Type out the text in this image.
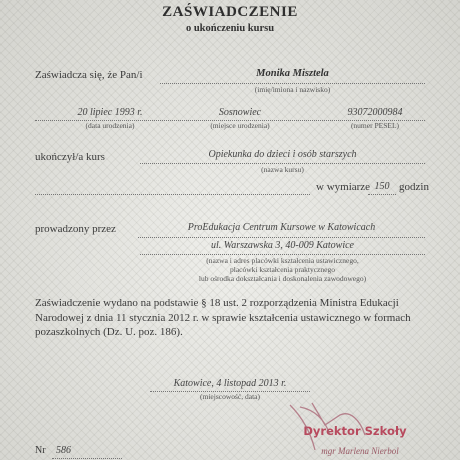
ZAŚWIADCZENIE
o ukończeniu kursu
Zaświadcza się, że Pan/i	Monika Misztela
(imię/imiona i nazwisko)
20 lipiec 1993 r.
(data urodzenia)
Sosnowiec
(miejsce urodzenia)
93072000984
(numer PESEL)
ukończył/a kurs	Opiekunka do dzieci i osób starszych
(nazwa kursu)
w wymiarze 150 godzin
prowadzony przez	ProEdukacja Centrum Kursowe w Katowicach
ul. Warszawska 3, 40-009 Katowice
(nazwa i adres placówki kształcenia ustawicznego,
placówki kształcenia praktycznego
lub ośrodka dokształcania i doskonalenia zawodowego)
Zaświadczenie wydano na podstawie § 18 ust. 2 rozporządzenia Ministra Edukacji Narodowej z dnia 11 stycznia 2012 r. w sprawie kształcenia ustawicznego w formach pozaszkolnych (Dz. U. poz. 186).
Katowice, 4 listopad 2013 r.
(miejscowość, data)
Nr 586
Dyrektor Szkoły
mgr Marlena Nierbol
